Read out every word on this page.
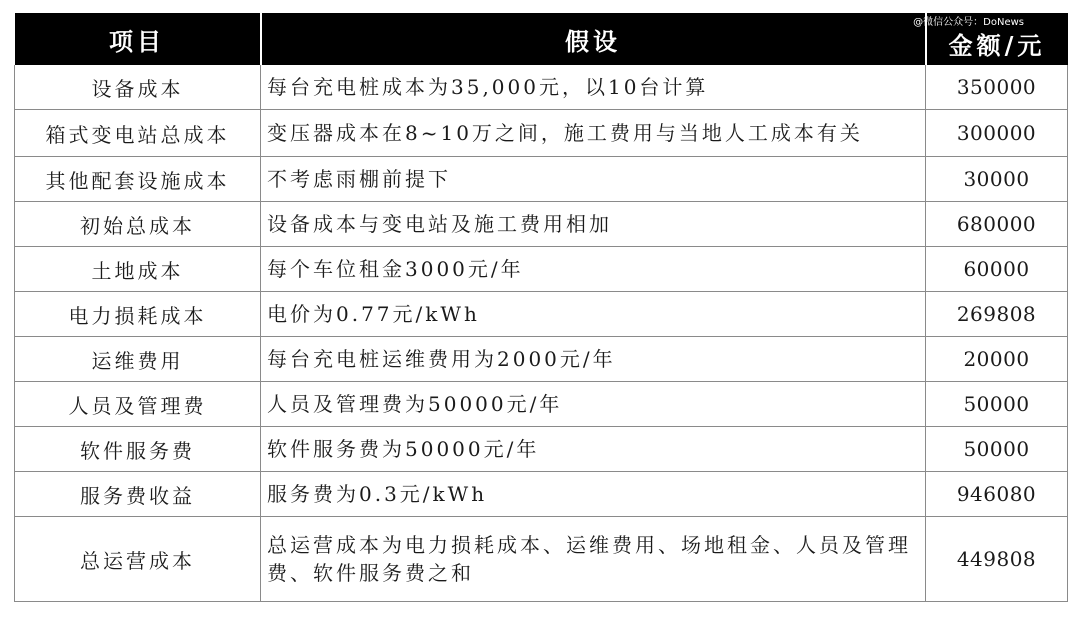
@微信公众号：DoNews
项目	假设	金额/元
设备成本	每台充电桩成本为35,000元，以10台计算	350000
箱式变电站总成本	变压器成本在8~10万之间，施工费用与当地人工成本有关	300000
其他配套设施成本	不考虑雨棚前提下	30000
初始总成本	设备成本与变电站及施工费用相加	680000
土地成本	每个车位租金3000元/年	60000
电力损耗成本	电价为0.77元/kWh	269808
运维费用	每台充电桩运维费用为2000元/年	20000
人员及管理费	人员及管理费为50000元/年	50000
软件服务费	软件服务费为50000元/年	50000
服务费收益	服务费为0.3元/kWh	946080
总运营成本	总运营成本为电力损耗成本、运维费用、场地租金、人员及管理费、软件服务费之和	449808
